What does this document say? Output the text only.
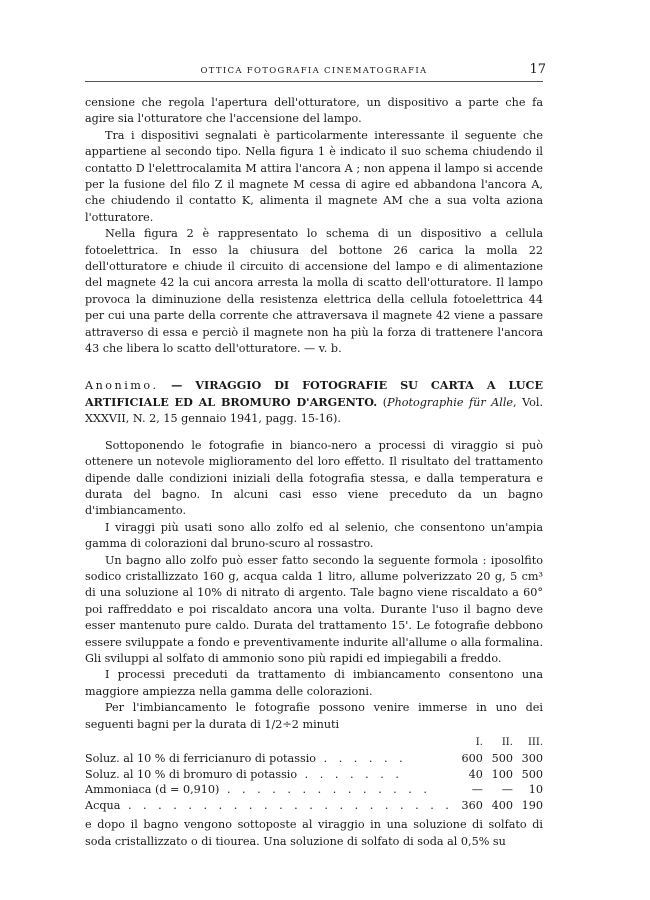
OTTICA FOTOGRAFIA CINEMATOGRAFIA	17

censione che regola l'apertura dell'otturatore, un dispositivo a parte che fa agire sia l'otturatore che l'accensione del lampo.

Tra i dispositivi segnalati è particolarmente interessante il seguente che appartiene al secondo tipo. Nella figura 1 è indicato il suo schema chiudendo il contatto D l'elettrocalamita M attira l'ancora A ; non appena il lampo si accende per la fusione del filo Z il magnete M cessa di agire ed abbandona l'ancora A, che chiudendo il contatto K, alimenta il magnete AM che a sua volta aziona l'otturatore.

Nella figura 2 è rappresentato lo schema di un dispositivo a cellula fotoelettrica. In esso la chiusura del bottone 26 carica la molla 22 dell'otturatore e chiude il circuito di accensione del lampo e di alimentazione del magnete 42 la cui ancora arresta la molla di scatto dell'otturatore. Il lampo provoca la diminuzione della resistenza elettrica della cellula fotoelettrica 44 per cui una parte della corrente che attraversava il magnete 42 viene a passare attraverso di essa e perciò il magnete non ha più la forza di trattenere l'ancora 43 che libera lo scatto dell'otturatore. — v. b.

Anonimo. — VIRAGGIO DI FOTOGRAFIE SU CARTA A LUCE ARTIFICIALE ED AL BROMURO D'ARGENTO. (Photographie für Alle, Vol. XXXVII, N. 2, 15 gennaio 1941, pagg. 15-16).

Sottoponendo le fotografie in bianco-nero a processi di viraggio si può ottenere un notevole miglioramento del loro effetto. Il risultato del trattamento dipende dalle condizioni iniziali della fotografia stessa, e dalla temperatura e durata del bagno. In alcuni casi esso viene preceduto da un bagno d'imbiancamento.

I viraggi più usati sono allo zolfo ed al selenio, che consentono un'ampia gamma di colorazioni dal bruno-scuro al rossastro.

Un bagno allo zolfo può esser fatto secondo la seguente formola : iposolfito sodico cristallizzato 160 g, acqua calda 1 litro, allume polverizzato 20 g, 5 cm³ di una soluzione al 10% di nitrato di argento. Tale bagno viene riscaldato a 60° poi raffreddato e poi riscaldato ancora una volta. Durante l'uso il bagno deve esser mantenuto pure caldo. Durata del trattamento 15'. Le fotografie debbono essere sviluppate a fondo e preventivamente indurite all'allume o alla formalina. Gli sviluppi al solfato di ammonio sono più rapidi ed impiegabili a freddo.

I processi preceduti da trattamento di imbiancamento consentono una maggiore ampiezza nella gamma delle colorazioni.

Per l'imbiancamento le fotografie possono venire immerse in uno dei seguenti bagni per la durata di 1/2÷2 minuti

	I.	II.	III.
Soluz. al 10 % di ferricianuro di potassio . . . . . .	600	500	300
Soluz. al 10 % di bromuro di potassio . . . . . . .	40	100	500
Ammoniaca (d = 0,910) . . . . . . . . . . . . . .	—	—	10
Acqua . . . . . . . . . . . . . . . . . . . . . .	360	400	190

e dopo il bagno vengono sottoposte al viraggio in una soluzione di solfato di soda cristallizzato o di tiourea. Una soluzione di solfato di soda al 0,5% su
